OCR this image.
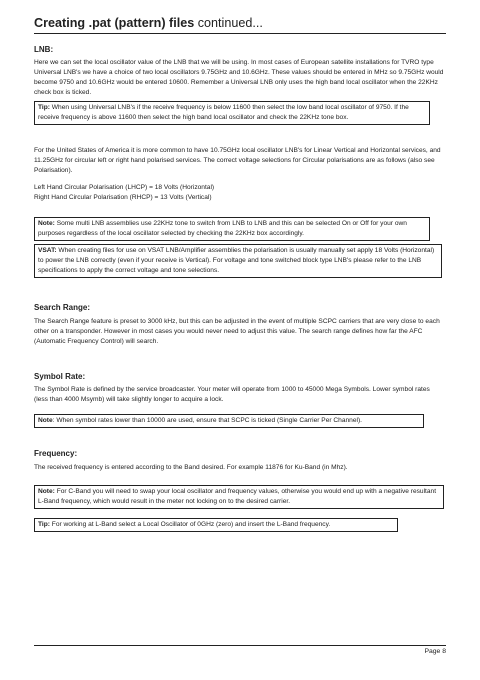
Creating .pat (pattern) files continued...
LNB:
Here we can set the local oscillator value of the LNB that we will be using. In most cases of European satellite installations for TVRO type Universal LNB's we have a choice of two local oscillators 9.75GHz and 10.6GHz. These values should be entered in MHz so 9.75GHz would become 9750 and 10.6GHz would be entered 10600. Remember a Universal LNB only uses the high band local oscillator when the 22KHz check box is ticked.
Tip: When using Universal LNB's if the receive frequency is below 11600 then select the low band local oscillator of 9750. If the receive frequency is above 11600 then select the high band local oscillator and check the 22KHz tone box.
For the United States of America it is more common to have 10.75GHz local oscillator LNB's for Linear Vertical and Horizontal services, and 11.25GHz for circular left or right hand polarised services. The correct voltage selections for Circular polarisations are as follows (also see Polarisation).
Left Hand Circular Polarisation (LHCP) = 18 Volts (Horizontal)
Right Hand Circular Polarisation (RHCP) = 13 Volts (Vertical)
Note: Some multi LNB assemblies use 22KHz tone to switch from LNB to LNB and this can be selected On or Off for your own purposes regardless of the local oscillator selected by checking the 22KHz box accordingly.
VSAT: When creating files for use on VSAT LNB/Amplifier assemblies the polarisation is usually manually set apply 18 Volts (Horizontal) to power the LNB correctly (even if your receive is Vertical). For voltage and tone switched block type LNB's please refer to the LNB specifications to apply the correct voltage and tone selections.
Search Range:
The Search Range feature is preset to 3000 kHz, but this can be adjusted in the event of multiple SCPC carriers that are very close to each other on a transponder. However in most cases you would never need to adjust this value. The search range defines how far the AFC (Automatic Frequency Control) will search.
Symbol Rate:
The Symbol Rate is defined by the service broadcaster. Your meter will operate from 1000 to 45000 Mega Symbols. Lower symbol rates (less than 4000 Msymb) will take slightly longer to acquire a lock.
Note: When symbol rates lower than 10000 are used, ensure that SCPC is ticked (Single Carrier Per Channel).
Frequency:
The received frequency is entered according to the Band desired. For example 11876 for Ku-Band (in Mhz).
Note: For C-Band you will need to swap your local oscillator and frequency values, otherwise you would end up with a negative resultant L-Band frequency, which would result in the meter not locking on to the desired carrier.
Tip: For working at L-Band select a Local Oscillator of 0GHz (zero) and insert the L-Band frequency.
Page 8
